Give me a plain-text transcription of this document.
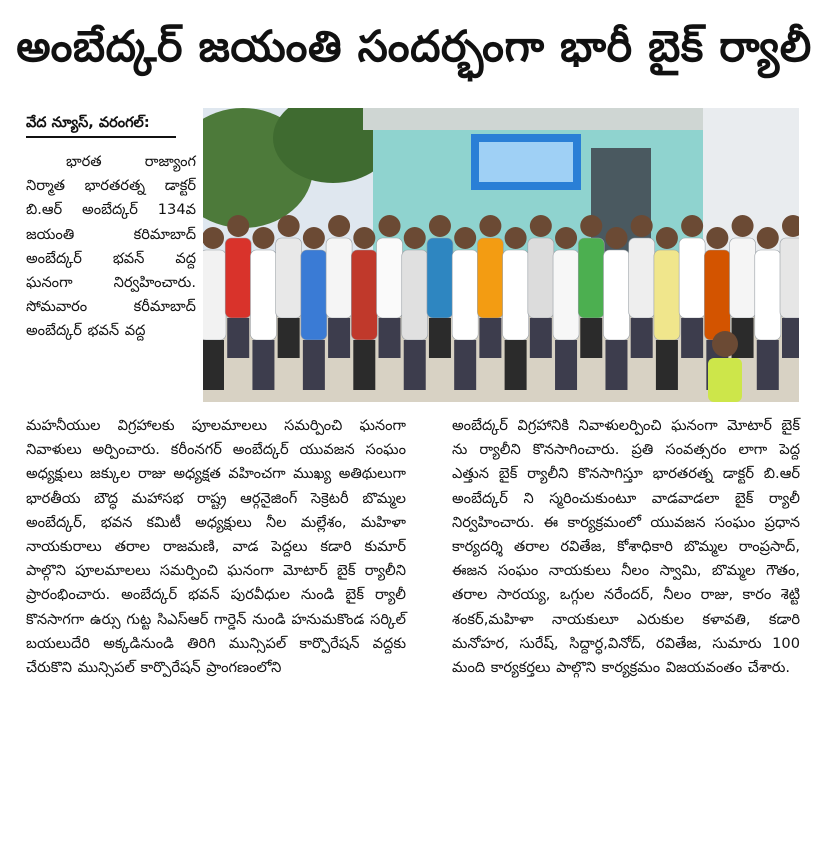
అంబేద్కర్ జయంతి సందర్భంగా భారీ బైక్ ర్యాలీ
వేద న్యూస్, వరంగల్:
భారత రాజ్యాంగ నిర్మాత భారతరత్న డాక్టర్ బి.ఆర్ అంబేద్కర్ 134వ జయంతి కరిమాబాద్ అంబేద్కర్ భవన్ వద్ద ఘనంగా నిర్వహించారు. సోమవారం కరీమాబాద్ అంబేద్కర్ భవన్ వద్ద
మహనీయుల విగ్రహాలకు పూలమాలలు సమర్పించి ఘనంగా నివాళులు అర్పించారు. కరీంనగర్ అంబేద్కర్ యువజన సంఘం అధ్యక్షులు జక్కుల రాజు అధ్యక్షత వహించగా ముఖ్య అతిథులుగా భారతీయ బౌద్ధ మహాసభ రాష్ట్ర ఆర్గనైజింగ్ సెక్రెటరీ బొమ్మల అంబేద్కర్, భవన కమిటీ అధ్యక్షులు నీల మల్లేశం, మహిళా నాయకురాలు తరాల రాజమణి, వాడ పెద్దలు కడారి కుమార్ పాల్గొని పూలమాలలు సమర్పించి ఘనంగా మోటార్ బైక్ ర్యాలీని ప్రారంభించారు. అంబేద్కర్ భవన్ పురవీధుల నుండి బైక్ ర్యాలీ కొనసాగగా ఉర్సు గుట్ట సిఎస్ఆర్ గార్డెన్ నుండి హనుమకొండ సర్కిల్ బయలుదేరి అక్కడినుండి తిరిగి మున్సిపల్ కార్పొరేషన్ వద్దకు చేరుకొని మున్సిపల్ కార్పొరేషన్ ప్రాంగణంలోని
అంబేద్కర్ విగ్రహానికి నివాళులర్పించి ఘనంగా మోటార్ బైక్ ను ర్యాలీని కొనసాగించారు. ప్రతి సంవత్సరం లాగా పెద్ద ఎత్తున బైక్ ర్యాలీని కొనసాగిస్తూ భారతరత్న డాక్టర్ బి.ఆర్ అంబేద్కర్ ని స్మరించుకుంటూ వాడవాడలా బైక్ ర్యాలీ నిర్వహించారు. ఈ కార్యక్రమంలో యువజన సంఘం ప్రధాన కార్యదర్శి తరాల రవితేజ, కోశాధికారి బొమ్మల రాంప్రసాద్, ఈజన సంఘం నాయకులు నీలం స్వామి, బొమ్మల గౌతం, తరాల సారయ్య, ఒగ్గుల నరేందర్, నీలం రాజు, కారం శెట్టి శంకర్,మహిళా నాయకులూ ఎరుకుల కళావతి, కడారి మనోహర, సురేష్, సిద్దార్ధ,వినోద్, రవితేజ, సుమారు 100 మంది కార్యకర్తలు పాల్గొని కార్యక్రమం విజయవంతం చేశారు.
